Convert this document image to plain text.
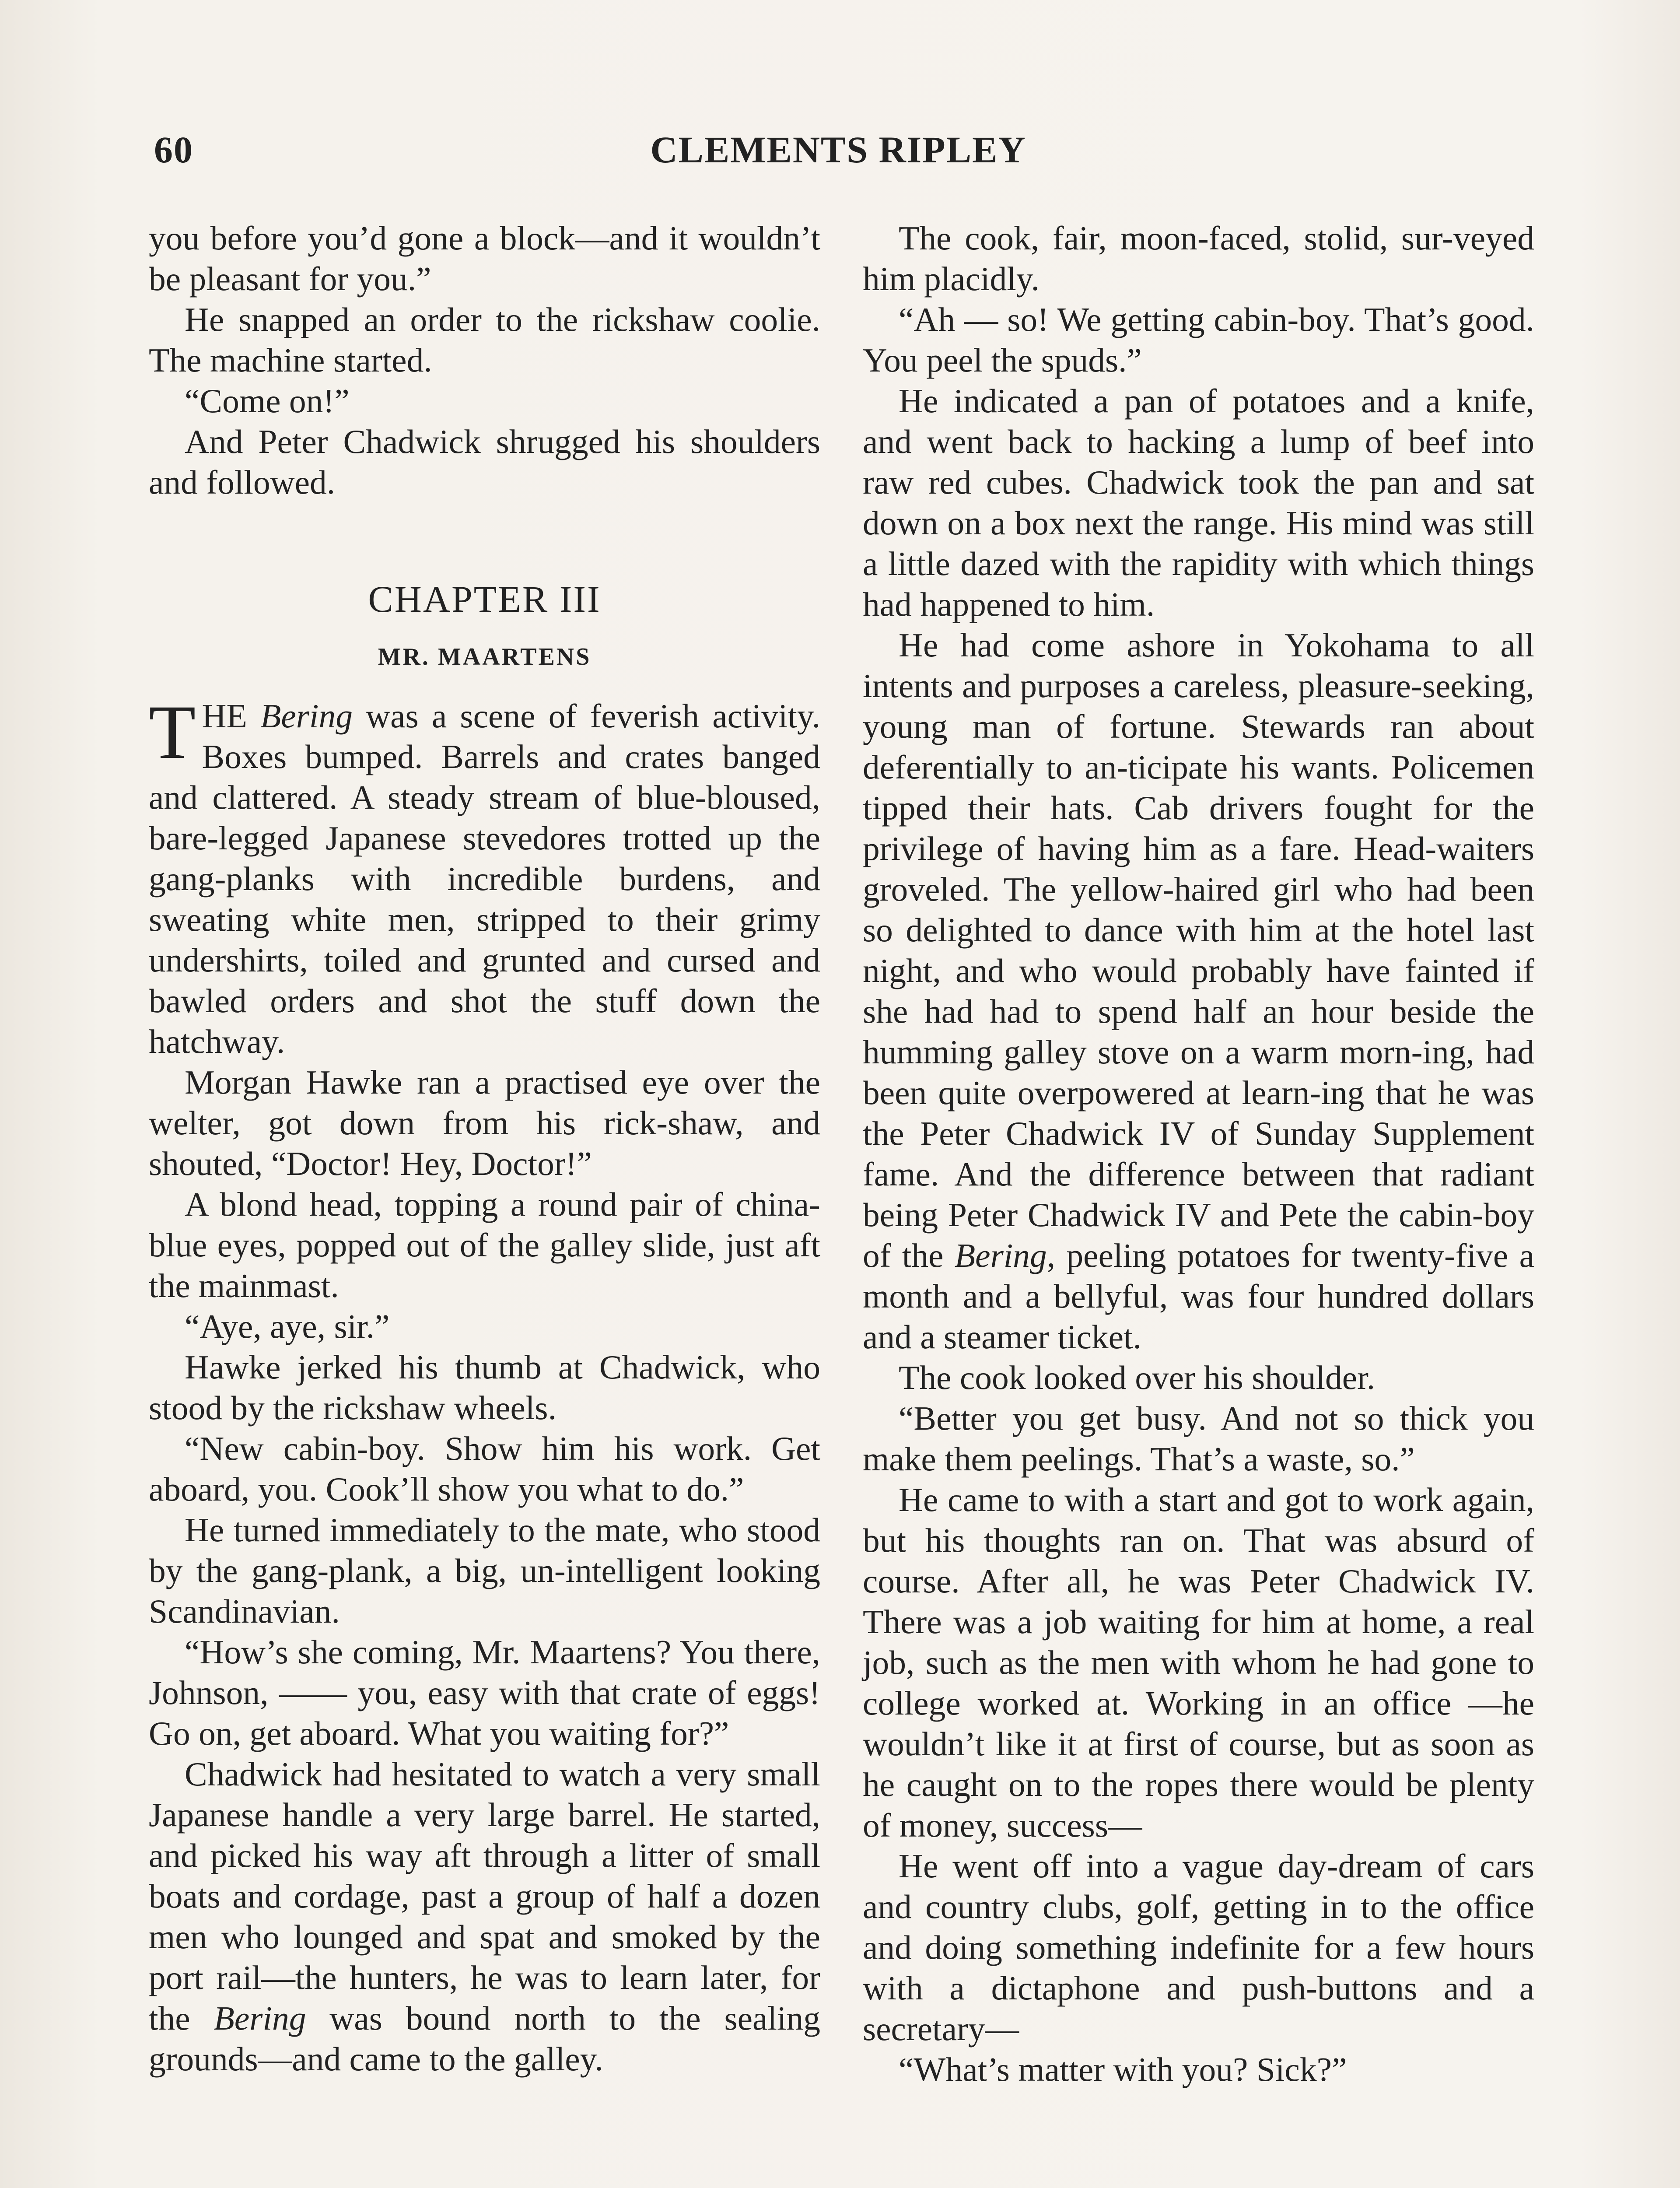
60	CLEMENTS RIPLEY

you before you’d gone a block—and it wouldn’t be pleasant for you.”

He snapped an order to the rickshaw coolie. The machine started.

“Come on!”

And Peter Chadwick shrugged his shoulders and followed.

CHAPTER III
MR. MAARTENS

THE Bering was a scene of feverish activity. Boxes bumped. Barrels and crates banged and clattered. A steady stream of blue-bloused, bare-legged Japanese stevedores trotted up the gang-planks with incredible burdens, and sweating white men, stripped to their grimy undershirts, toiled and grunted and cursed and bawled orders and shot the stuff down the hatchway.

Morgan Hawke ran a practised eye over the welter, got down from his rick-shaw, and shouted, “Doctor! Hey, Doctor!”

A blond head, topping a round pair of china-blue eyes, popped out of the galley slide, just aft the mainmast.

“Aye, aye, sir.”

Hawke jerked his thumb at Chadwick, who stood by the rickshaw wheels.

“New cabin-boy. Show him his work. Get aboard, you. Cook’ll show you what to do.”

He turned immediately to the mate, who stood by the gang-plank, a big, un-intelligent looking Scandinavian.

“How’s she coming, Mr. Maartens? You there, Johnson, —— you, easy with that crate of eggs! Go on, get aboard. What you waiting for?”

Chadwick had hesitated to watch a very small Japanese handle a very large barrel. He started, and picked his way aft through a litter of small boats and cordage, past a group of half a dozen men who lounged and spat and smoked by the port rail—the hunters, he was to learn later, for the Bering was bound north to the sealing grounds—and came to the galley.

The cook, fair, moon-faced, stolid, sur-veyed him placidly.

“Ah — so! We getting cabin-boy. That’s good. You peel the spuds.”

He indicated a pan of potatoes and a knife, and went back to hacking a lump of beef into raw red cubes. Chadwick took the pan and sat down on a box next the range. His mind was still a little dazed with the rapidity with which things had happened to him.

He had come ashore in Yokohama to all intents and purposes a careless, pleasure-seeking, young man of fortune. Stewards ran about deferentially to an-ticipate his wants. Policemen tipped their hats. Cab drivers fought for the privilege of having him as a fare. Head-waiters groveled. The yellow-haired girl who had been so delighted to dance with him at the hotel last night, and who would probably have fainted if she had had to spend half an hour beside the humming galley stove on a warm morn-ing, had been quite overpowered at learn-ing that he was the Peter Chadwick IV of Sunday Supplement fame. And the difference between that radiant being Peter Chadwick IV and Pete the cabin-boy of the Bering, peeling potatoes for twenty-five a month and a bellyful, was four hundred dollars and a steamer ticket.

The cook looked over his shoulder.

“Better you get busy. And not so thick you make them peelings. That’s a waste, so.”

He came to with a start and got to work again, but his thoughts ran on. That was absurd of course. After all, he was Peter Chadwick IV. There was a job waiting for him at home, a real job, such as the men with whom he had gone to college worked at. Working in an office —he wouldn’t like it at first of course, but as soon as he caught on to the ropes there would be plenty of money, success—

He went off into a vague day-dream of cars and country clubs, golf, getting in to the office and doing something indefinite for a few hours with a dictaphone and push-buttons and a secretary—

“What’s matter with you? Sick?”
